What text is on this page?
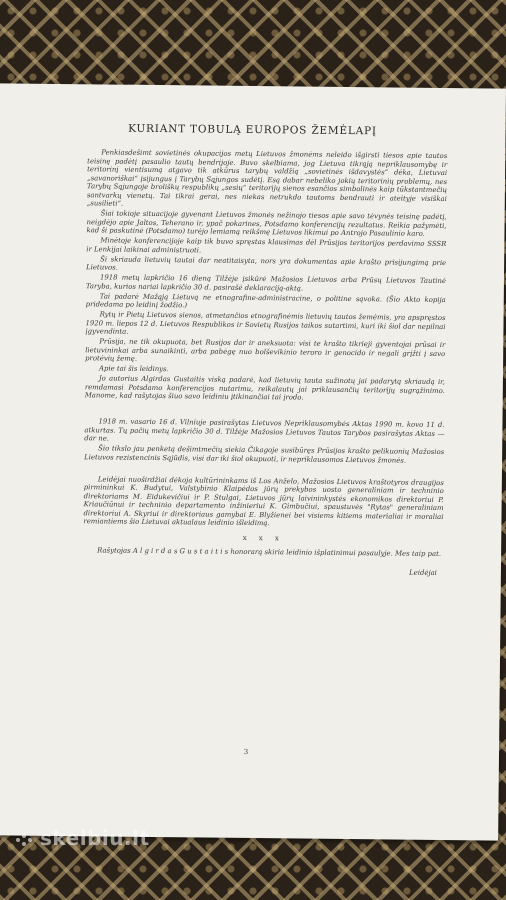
KURIANT TOBULĄ EUROPOS ŽEMĖLAPĮ

Penkiasdešimt sovietinės okupacijos metų Lietuvos žmonėms neleido išgirsti tiesos apie tautos teisinę padėtį pasaulio tautų bendrijoje. Buvo skelbiama, jog Lietuva tikrąją nepriklausomybę ir teritorinį vientisumą atgavo tik atkūrus tarybų valdžią „sovietinės išdavystės“ dėka, Lietuvai „savanoriškai“ įsijungus į Tarybų Sąjungos sudėtį. Esą dabar nebeliko jokių teritorinių problemų, nes Tarybų Sąjungoje broliškų respublikų „sesių“ teritorijų sienos esančios simbolinės kaip tūkstantmečių santvarkų vienetų. Tai tikrai gerai, nes niekas netrukdo tautoms bendrauti ir ateityje visiškai „susilieti“.

Šiai tokioje situacijoje gyvenant Lietuvos žmonės nežinojo tiesos apie savo tėvynės teisinę padėtį, neigdėjo apie Jaltos, Teherano ir, ypač pokarines, Potsdamo konferencijų rezultatus. Reikia pažymėti, kad ši paskutinė (Potsdamo) turėjo lemiamą reikšmę Lietuvos likimui po Antrojo Pasaulinio karo.

Minėtoje konferencijoje kaip tik buvo spręstas klausimas dėl Prūsijos teritorijos perdavimo SSSR ir Lenkijai laikinai administruoti.

Ši skriauda lietuvių tautai dar neatitaisyta, nors yra dokumentas apie krašto prisijungimą prie Lietuvos.

1918 metų lapkričio 16 dieną Tilžėje įsikūrė Mažosios Lietuvos arba Prūsų Lietuvos Tautinė Taryba, kurios nariai lapkričio 30 d. pasirašė deklaraciją-aktą.

Tai padarė Mažąją Lietuvą ne etnografine-administracine, o politine sąvoka. (Šio Akto kopija pridedama po leidinį žodžio.)

Rytų ir Pietų Lietuvos sienos, atmetančios etnografinėmis lietuvių tautos žemėmis, yra apspręstos 1920 m. liepos 12 d. Lietuvos Respublikos ir Sovietų Rusijos taikos sutartimi, kuri iki šiol dar nepilnai įgyvendinta.

Prūsija, ne tik okupuota, bet Rusijos dar ir aneksuota: visi te krašto tikrieji gyventojai prūsai ir lietuvininkai arba sunaikinti, arba pabėgę nuo bolševikinio teroro ir genocido ir negali grįžti į savo protėvių žemę.

Apie tai šis leidinys.

Jo autorius Algirdas Gustaitis viską padarė, kad lietuvių tauta sužinotų jai padarytą skriaudą ir, remdamasi Potsdamo konferencijos nutarimu, reikalautų jai priklausančių teritorijų sugrąžinimo. Manome, kad rašytojas šiuo savo leidiniu įtikinančiai tai įrodo.

1918 m. vasario 16 d. Vilniuje pasirašytas Lietuvos Nepriklausomybės Aktas 1990 m. kovo 11 d. atkurtas. Tų pačių metų lapkričio 30 d. Tilžėje Mažosios Lietuvos Tautos Tarybos pasirašytas Aktas — dar ne.

Šio tikslo jau penketą dešimtmečių siekia Čikagoje susibūręs Prūsijos krašto pelikuonių Mažosios Lietuvos rezistencinis Sąjūdis, visi dar iki šiol okupuoti, ir nepriklausomos Lietuvos žmonės.

Leidėjai nuoširdžiai dėkoja kultūrininkams iš Los Anželo, Mažosios Lietuvos kraštotyros draugijos pirmininkui K. Budytui, Valstybinio Klaipėdos jūrų prekybos uosto generaliniam ir techninio direktoriams M. Eidukevičiui ir P. Stulgai, Lietuvos jūrų laivininkystės ekonomikos direktoriui P. Kriaučiūnui ir techninio departamento inžinieriui K. Gimbučiui, spaustuvės "Rytas" generaliniam direktoriui A. Skyriui ir direktoriaus gamybai E. Blyžienei bei visiems kitiems materialiai ir moraliai remiantiems šio Lietuvai aktualaus leidinio išleidimą.

x x x

Rašytojas A l g i r d a s G u s t a i t i s honorarą skiria leidinio išplatinimui pasaulyje. Mes taip pat.

Leidėjai
3
skelbiu.lt
